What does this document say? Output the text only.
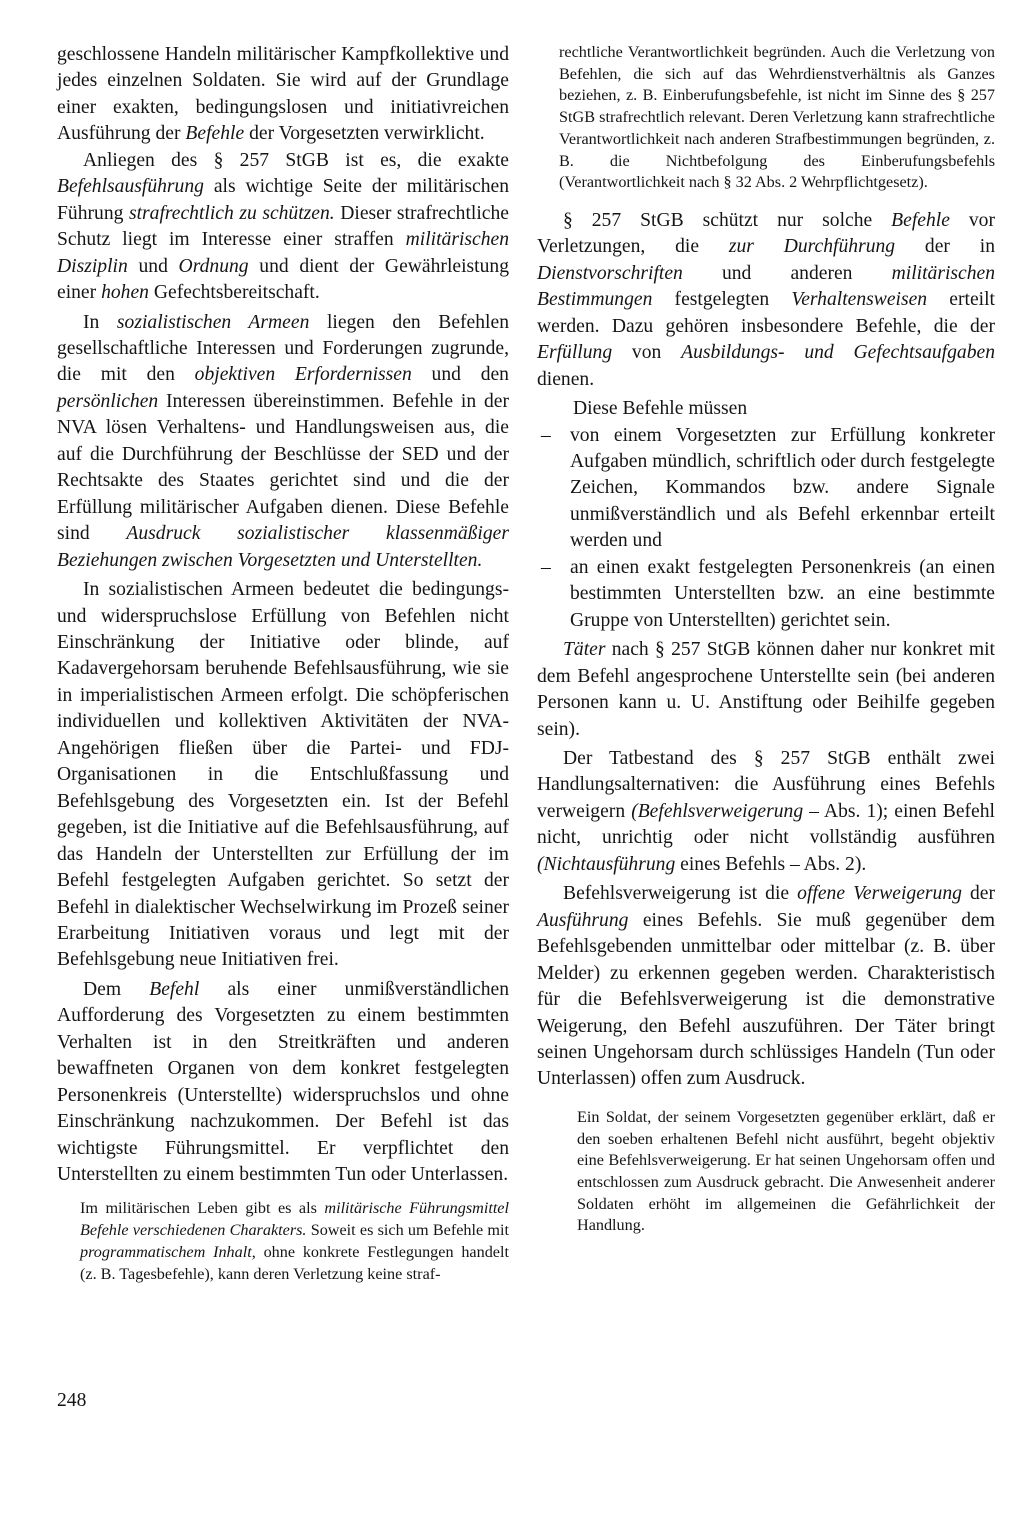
geschlossene Handeln militärischer Kampfkollektive und jedes einzelnen Soldaten. Sie wird auf der Grundlage einer exakten, bedingungslosen und initiativreichen Ausführung der Befehle der Vorgesetzten verwirklicht.

Anliegen des § 257 StGB ist es, die exakte Befehlsausführung als wichtige Seite der militärischen Führung strafrechtlich zu schützen. Dieser strafrechtliche Schutz liegt im Interesse einer straffen militärischen Disziplin und Ordnung und dient der Gewährleistung einer hohen Gefechtsbereitschaft.

In sozialistischen Armeen liegen den Befehlen gesellschaftliche Interessen und Forderungen zugrunde, die mit den objektiven Erfordernissen und den persönlichen Interessen übereinstimmen. Befehle in der NVA lösen Verhaltens- und Handlungsweisen aus, die auf die Durchführung der Beschlüsse der SED und der Rechtsakte des Staates gerichtet sind und die der Erfüllung militärischer Aufgaben dienen. Diese Befehle sind Ausdruck sozialistischer klassenmäßiger Beziehungen zwischen Vorgesetzten und Unterstellten.

In sozialistischen Armeen bedeutet die bedingungs- und widerspruchslose Erfüllung von Befehlen nicht Einschränkung der Initiative oder blinde, auf Kadavergehorsam beruhende Befehlsausführung, wie sie in imperialistischen Armeen erfolgt. Die schöpferischen individuellen und kollektiven Aktivitäten der NVA-Angehörigen fließen über die Partei- und FDJ-Organisationen in die Entschlußfassung und Befehlsgebung des Vorgesetzten ein. Ist der Befehl gegeben, ist die Initiative auf die Befehlsausführung, auf das Handeln der Unterstellten zur Erfüllung der im Befehl festgelegten Aufgaben gerichtet. So setzt der Befehl in dialektischer Wechselwirkung im Prozeß seiner Erarbeitung Initiativen voraus und legt mit der Befehlsgebung neue Initiativen frei.

Dem Befehl als einer unmißverständlichen Aufforderung des Vorgesetzten zu einem bestimmten Verhalten ist in den Streitkräften und anderen bewaffneten Organen von dem konkret festgelegten Personenkreis (Unterstellte) widerspruchslos und ohne Einschränkung nachzukommen. Der Befehl ist das wichtigste Führungsmittel. Er verpflichtet den Unterstellten zu einem bestimmten Tun oder Unterlassen.

Im militärischen Leben gibt es als militärische Führungsmittel Befehle verschiedenen Charakters. Soweit es sich um Befehle mit programmatischem Inhalt, ohne konkrete Festlegungen handelt (z. B. Tagesbefehle), kann deren Verletzung keine straf-

rechtliche Verantwortlichkeit begründen. Auch die Verletzung von Befehlen, die sich auf das Wehrdienstverhältnis als Ganzes beziehen, z. B. Einberufungsbefehle, ist nicht im Sinne des § 257 StGB strafrechtlich relevant. Deren Verletzung kann strafrechtliche Verantwortlichkeit nach anderen Strafbestimmungen begründen, z. B. die Nichtbefolgung des Einberufungsbefehls (Verantwortlichkeit nach § 32 Abs. 2 Wehrpflichtgesetz).

§ 257 StGB schützt nur solche Befehle vor Verletzungen, die zur Durchführung der in Dienstvorschriften und anderen militärischen Bestimmungen festgelegten Verhaltensweisen erteilt werden. Dazu gehören insbesondere Befehle, die der Erfüllung von Ausbildungs- und Gefechtsaufgaben dienen.

Diese Befehle müssen

– von einem Vorgesetzten zur Erfüllung konkreter Aufgaben mündlich, schriftlich oder durch festgelegte Zeichen, Kommandos bzw. andere Signale unmißverständlich und als Befehl erkennbar erteilt werden und
– an einen exakt festgelegten Personenkreis (an einen bestimmten Unterstellten bzw. an eine bestimmte Gruppe von Unterstellten) gerichtet sein.

Täter nach § 257 StGB können daher nur konkret mit dem Befehl angesprochene Unterstellte sein (bei anderen Personen kann u. U. Anstiftung oder Beihilfe gegeben sein).

Der Tatbestand des § 257 StGB enthält zwei Handlungsalternativen: die Ausführung eines Befehls verweigern (Befehlsverweigerung – Abs. 1); einen Befehl nicht, unrichtig oder nicht vollständig ausführen (Nichtausführung eines Befehls – Abs. 2).

Befehlsverweigerung ist die offene Verweigerung der Ausführung eines Befehls. Sie muß gegenüber dem Befehlsgebenden unmittelbar oder mittelbar (z. B. über Melder) zu erkennen gegeben werden. Charakteristisch für die Befehlsverweigerung ist die demonstrative Weigerung, den Befehl auszuführen. Der Täter bringt seinen Ungehorsam durch schlüssiges Handeln (Tun oder Unterlassen) offen zum Ausdruck.

Ein Soldat, der seinem Vorgesetzten gegenüber erklärt, daß er den soeben erhaltenen Befehl nicht ausführt, begeht objektiv eine Befehlsverweigerung. Er hat seinen Ungehorsam offen und entschlossen zum Ausdruck gebracht. Die Anwesenheit anderer Soldaten erhöht im allgemeinen die Gefährlichkeit der Handlung.

248
